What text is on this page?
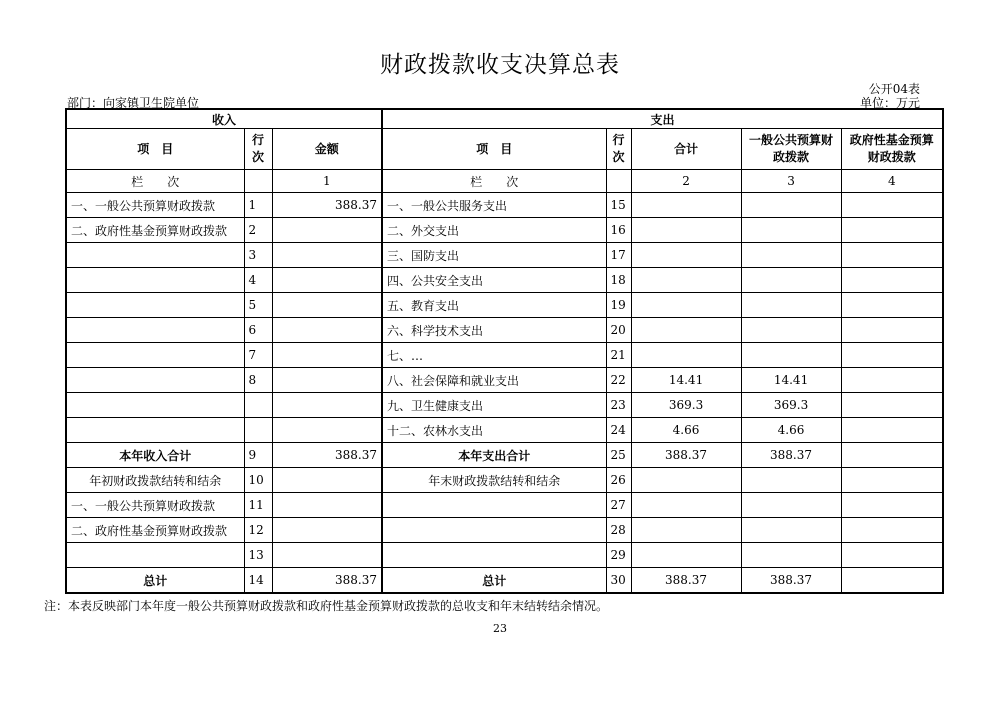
财政拨款收支决算总表
公开04表
部门：向家镇卫生院单位	单位：万元
收入			支出				
项　目	行次	金额	项　目	行次	合计	一般公共预算财政拨款	政府性基金预算财政拨款
栏　　次		1	栏　　次		2	3	4
一、一般公共预算财政拨款	1	388.37	一、一般公共服务支出	15			
二、政府性基金预算财政拨款	2		二、外交支出	16			
	3		三、国防支出	17			
	4		四、公共安全支出	18			
	5		五、教育支出	19			
	6		六、科学技术支出	20			
	7		七、…	21			
	8		八、社会保障和就业支出	22	14.41	14.41	
			九、卫生健康支出	23	369.3	369.3	
			十二、农林水支出	24	4.66	4.66	
本年收入合计	9	388.37	本年支出合计	25	388.37	388.37	
年初财政拨款结转和结余	10		年末财政拨款结转和结余	26			
一、一般公共预算财政拨款	11			27			
二、政府性基金预算财政拨款	12			28			
	13			29			
总计	14	388.37	总计	30	388.37	388.37	
注：本表反映部门本年度一般公共预算财政拨款和政府性基金预算财政拨款的总收支和年末结转结余情况。
23
